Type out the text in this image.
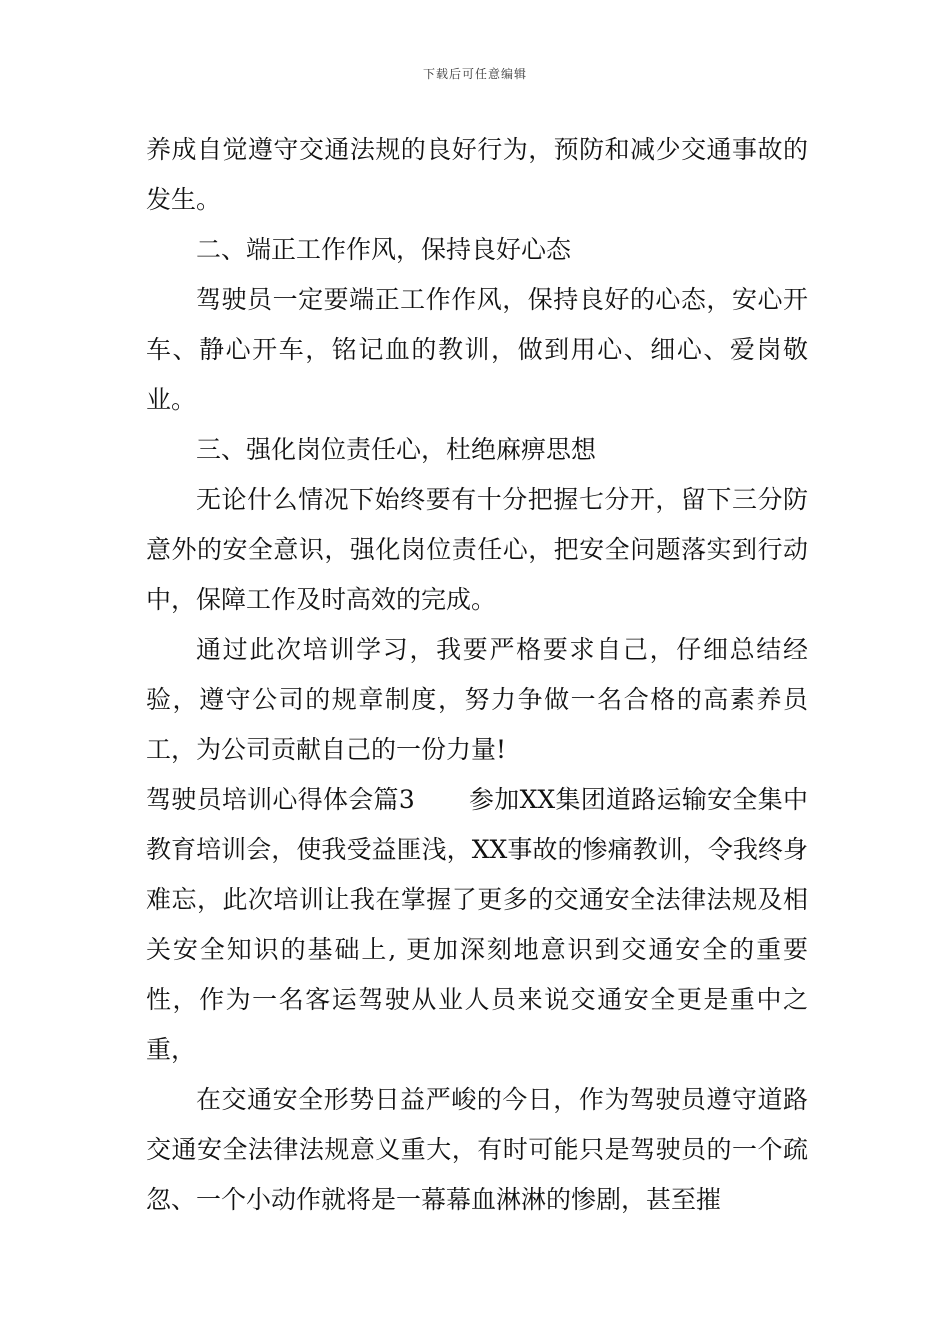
下载后可任意编辑

养成自觉遵守交通法规的良好行为，预防和减少交通事故的发生。

二、端正工作作风，保持良好心态

驾驶员一定要端正工作作风，保持良好的心态，安心开车、静心开车，铭记血的教训，做到用心、细心、爱岗敬业。

三、强化岗位责任心，杜绝麻痹思想

无论什么情况下始终要有十分把握七分开，留下三分防意外的安全意识，强化岗位责任心，把安全问题落实到行动中，保障工作及时高效的完成。

通过此次培训学习，我要严格要求自己，仔细总结经验，遵守公司的规章制度，努力争做一名合格的高素养员工，为公司贡献自己的一份力量!

驾驶员培训心得体会篇3 参加XX集团道路运输安全集中教育培训会，使我受益匪浅，XX事故的惨痛教训，令我终身难忘，此次培训让我在掌握了更多的交通安全法律法规及相关安全知识的基础上, 更加深刻地意识到交通安全的重要性，作为一名客运驾驶从业人员来说交通安全更是重中之重，

在交通安全形势日益严峻的今日，作为驾驶员遵守道路交通安全法律法规意义重大，有时可能只是驾驶员的一个疏忽、一个小动作就将是一幕幕血淋淋的惨剧，甚至摧
